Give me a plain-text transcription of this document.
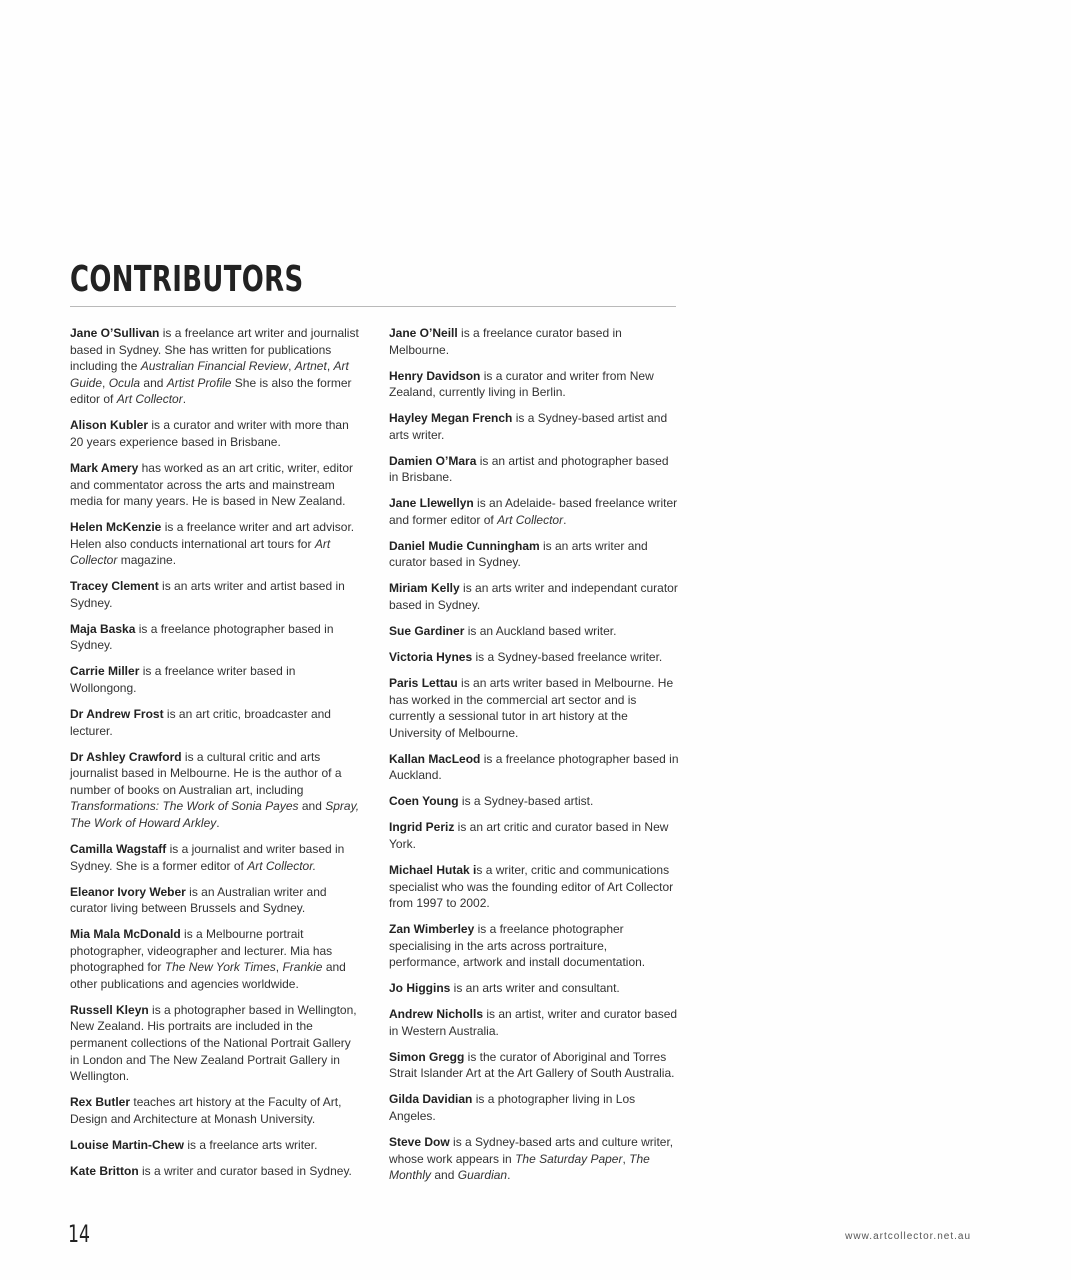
CONTRIBUTORS

Jane O’Sullivan is a freelance art writer and journalist based in Sydney. She has written for publications including the Australian Financial Review, Artnet, Art Guide, Ocula and Artist Profile She is also the former editor of Art Collector.

Alison Kubler is a curator and writer with more than 20 years experience based in Brisbane.

Mark Amery has worked as an art critic, writer, editor and commentator across the arts and mainstream media for many years. He is based in New Zealand.

Helen McKenzie is a freelance writer and art advisor. Helen also conducts international art tours for Art Collector magazine.

Tracey Clement is an arts writer and artist based in Sydney.

Maja Baska is a freelance photographer based in Sydney.

Carrie Miller is a freelance writer based in Wollongong.

Dr Andrew Frost is an art critic, broadcaster and lecturer.

Dr Ashley Crawford is a cultural critic and arts journalist based in Melbourne. He is the author of a number of books on Australian art, including Transformations: The Work of Sonia Payes and Spray, The Work of Howard Arkley.

Camilla Wagstaff is a journalist and writer based in Sydney. She is a former editor of Art Collector.

Eleanor Ivory Weber is an Australian writer and curator living between Brussels and Sydney.

Mia Mala McDonald is a Melbourne portrait photographer, videographer and lecturer. Mia has photographed for The New York Times, Frankie and other publications and agencies worldwide.

Russell Kleyn is a photographer based in Wellington, New Zealand. His portraits are included in the permanent collections of the National Portrait Gallery in London and The New Zealand Portrait Gallery in Wellington.

Rex Butler teaches art history at the Faculty of Art, Design and Architecture at Monash University.

Louise Martin-Chew is a freelance arts writer.

Kate Britton is a writer and curator based in Sydney.

Jane O’Neill is a freelance curator based in Melbourne.

Henry Davidson is a curator and writer from New Zealand, currently living in Berlin.

Hayley Megan French is a Sydney-based artist and arts writer.

Damien O’Mara is an artist and photographer based in Brisbane.

Jane Llewellyn is an Adelaide- based freelance writer and former editor of Art Collector.

Daniel Mudie Cunningham is an arts writer and curator based in Sydney.

Miriam Kelly is an arts writer and independant curator based in Sydney.

Sue Gardiner is an Auckland based writer.

Victoria Hynes is a Sydney-based freelance writer.

Paris Lettau is an arts writer based in Melbourne. He has worked in the commercial art sector and is currently a sessional tutor in art history at the University of Melbourne.

Kallan MacLeod is a freelance photographer based in Auckland.

Coen Young is a Sydney-based artist.

Ingrid Periz is an art critic and curator based in New York.

Michael Hutak is a writer, critic and communications specialist who was the founding editor of Art Collector from 1997 to 2002.

Zan Wimberley is a freelance photographer specialising in the arts across portraiture, performance, artwork and install documentation.

Jo Higgins is an arts writer and consultant.

Andrew Nicholls is an artist, writer and curator based in Western Australia.

Simon Gregg is the curator of Aboriginal and Torres Strait Islander Art at the Art Gallery of South Australia.

Gilda Davidian is a photographer living in Los Angeles.

Steve Dow is a Sydney-based arts and culture writer, whose work appears in The Saturday Paper, The Monthly and Guardian.

14	www.artcollector.net.au
